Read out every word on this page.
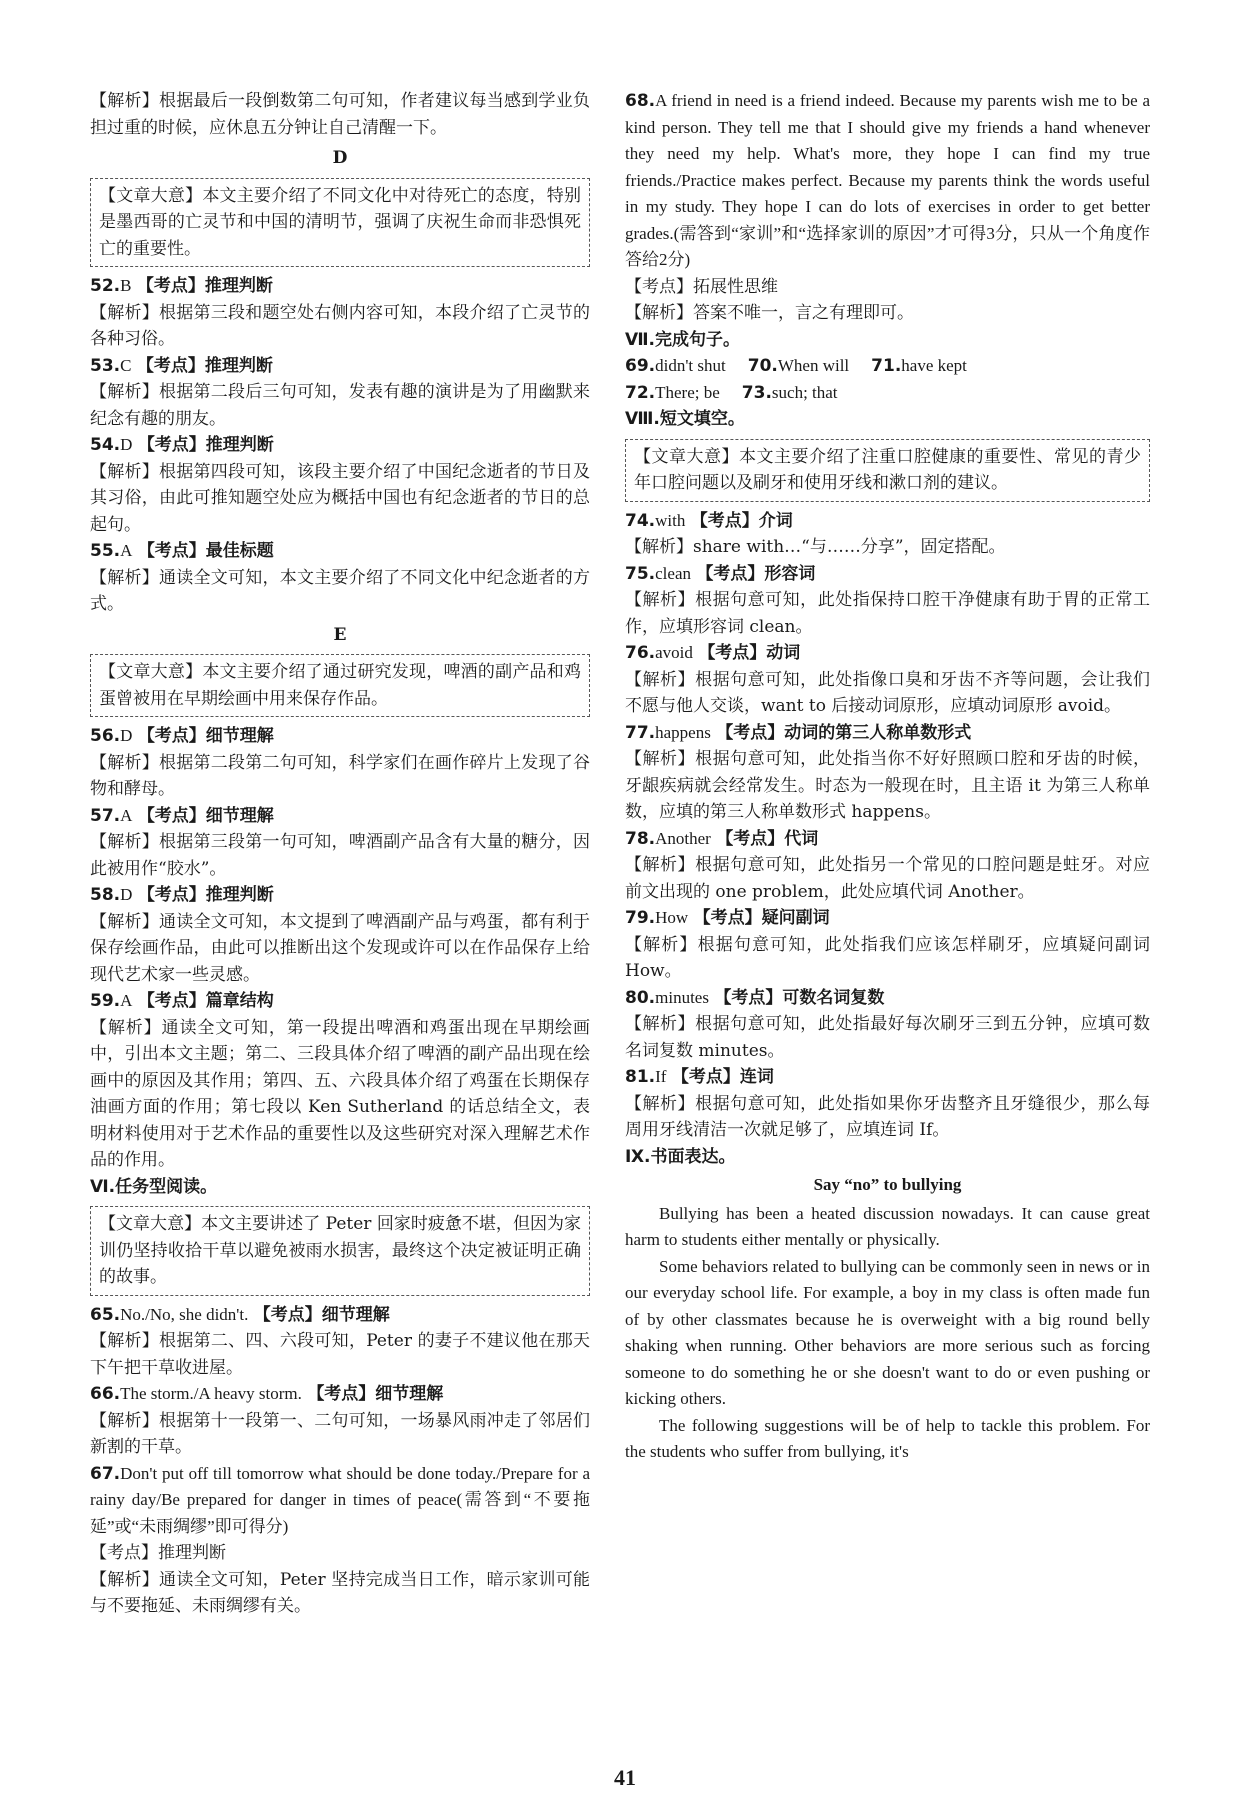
【解析】根据最后一段倒数第二句可知，作者建议每当感到学业负担过重的时候，应休息五分钟让自己清醒一下。

D

【文章大意】本文主要介绍了不同文化中对待死亡的态度，特别是墨西哥的亡灵节和中国的清明节，强调了庆祝生命而非恐惧死亡的重要性。

52.B 【考点】推理判断

【解析】根据第三段和题空处右侧内容可知，本段介绍了亡灵节的各种习俗。

53.C 【考点】推理判断

【解析】根据第二段后三句可知，发表有趣的演讲是为了用幽默来纪念有趣的朋友。

54.D 【考点】推理判断

【解析】根据第四段可知，该段主要介绍了中国纪念逝者的节日及其习俗，由此可推知题空处应为概括中国也有纪念逝者的节日的总起句。

55.A 【考点】最佳标题

【解析】通读全文可知，本文主要介绍了不同文化中纪念逝者的方式。

E

【文章大意】本文主要介绍了通过研究发现，啤酒的副产品和鸡蛋曾被用在早期绘画中用来保存作品。

56.D 【考点】细节理解

【解析】根据第二段第二句可知，科学家们在画作碎片上发现了谷物和酵母。

57.A 【考点】细节理解

【解析】根据第三段第一句可知，啤酒副产品含有大量的糖分，因此被用作“胶水”。

58.D 【考点】推理判断

【解析】通读全文可知，本文提到了啤酒副产品与鸡蛋，都有利于保存绘画作品，由此可以推断出这个发现或许可以在作品保存上给现代艺术家一些灵感。

59.A 【考点】篇章结构

【解析】通读全文可知，第一段提出啤酒和鸡蛋出现在早期绘画中，引出本文主题；第二、三段具体介绍了啤酒的副产品出现在绘画中的原因及其作用；第四、五、六段具体介绍了鸡蛋在长期保存油画方面的作用；第七段以 Ken Sutherland 的话总结全文，表明材料使用对于艺术作品的重要性以及这些研究对深入理解艺术作品的作用。

Ⅵ.任务型阅读。

【文章大意】本文主要讲述了 Peter 回家时疲惫不堪，但因为家训仍坚持收拾干草以避免被雨水损害，最终这个决定被证明正确的故事。

65.No./No, she didn't. 【考点】细节理解

【解析】根据第二、四、六段可知，Peter 的妻子不建议他在那天下午把干草收进屋。

66.The storm./A heavy storm. 【考点】细节理解

【解析】根据第十一段第一、二句可知，一场暴风雨冲走了邻居们新割的干草。

67.Don't put off till tomorrow what should be done today./Prepare for a rainy day/Be prepared for danger in times of peace(需答到“不要拖延”或“未雨绸缪”即可得分)

【考点】推理判断

【解析】通读全文可知，Peter 坚持完成当日工作，暗示家训可能与不要拖延、未雨绸缪有关。

68.A friend in need is a friend indeed. Because my parents wish me to be a kind person. They tell me that I should give my friends a hand whenever they need my help. What's more, they hope I can find my true friends./Practice makes perfect. Because my parents think the words useful in my study. They hope I can do lots of exercises in order to get better grades.(需答到“家训”和“选择家训的原因”才可得3分，只从一个角度作答给2分)

【考点】拓展性思维

【解析】答案不唯一，言之有理即可。

Ⅶ.完成句子。

69.didn't shut 70.When will 71.have kept

72.There; be 73.such; that

Ⅷ.短文填空。

【文章大意】本文主要介绍了注重口腔健康的重要性、常见的青少年口腔问题以及刷牙和使用牙线和漱口剂的建议。

74.with 【考点】介词

【解析】share with…“与……分享”，固定搭配。

75.clean 【考点】形容词

【解析】根据句意可知，此处指保持口腔干净健康有助于胃的正常工作，应填形容词 clean。

76.avoid 【考点】动词

【解析】根据句意可知，此处指像口臭和牙齿不齐等问题，会让我们不愿与他人交谈，want to 后接动词原形，应填动词原形 avoid。

77.happens 【考点】动词的第三人称单数形式

【解析】根据句意可知，此处指当你不好好照顾口腔和牙齿的时候，牙龈疾病就会经常发生。时态为一般现在时，且主语 it 为第三人称单数，应填的第三人称单数形式 happens。

78.Another 【考点】代词

【解析】根据句意可知，此处指另一个常见的口腔问题是蛀牙。对应前文出现的 one problem，此处应填代词 Another。

79.How 【考点】疑问副词

【解析】根据句意可知，此处指我们应该怎样刷牙，应填疑问副词 How。

80.minutes 【考点】可数名词复数

【解析】根据句意可知，此处指最好每次刷牙三到五分钟，应填可数名词复数 minutes。

81.If 【考点】连词

【解析】根据句意可知，此处指如果你牙齿整齐且牙缝很少，那么每周用牙线清洁一次就足够了，应填连词 If。

Ⅸ.书面表达。

Say “no” to bullying

Bullying has been a heated discussion nowadays. It can cause great harm to students either mentally or physically.

Some behaviors related to bullying can be commonly seen in news or in our everyday school life. For example, a boy in my class is often made fun of by other classmates because he is overweight with a big round belly shaking when running. Other behaviors are more serious such as forcing someone to do something he or she doesn't want to do or even pushing or kicking others.

The following suggestions will be of help to tackle this problem. For the students who suffer from bullying, it's

41
